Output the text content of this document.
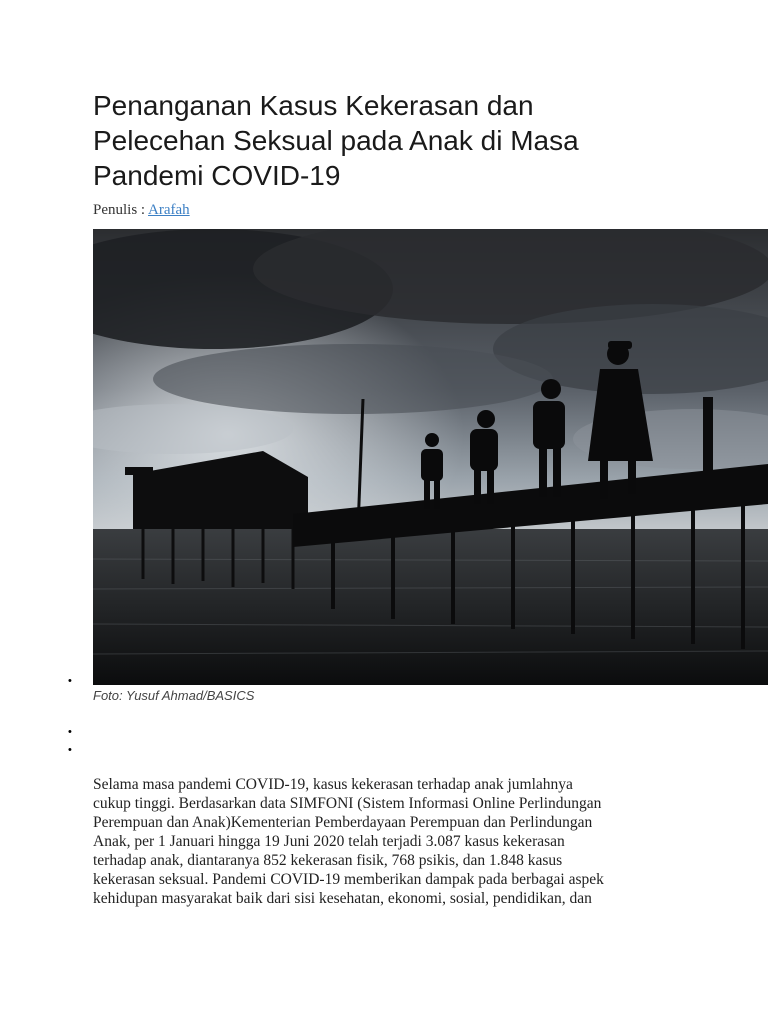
Penanganan Kasus Kekerasan dan
Pelecehan Seksual pada Anak di Masa
Pandemi COVID-19
Penulis : Arafah
•
Foto: Yusuf Ahmad/BASICS
•
•

Selama masa pandemi COVID-19, kasus kekerasan terhadap anak jumlahnya
cukup tinggi. Berdasarkan data SIMFONI (Sistem Informasi Online Perlindungan
Perempuan dan Anak)Kementerian Pemberdayaan Perempuan dan Perlindungan
Anak, per 1 Januari hingga 19 Juni 2020 telah terjadi 3.087 kasus kekerasan
terhadap anak, diantaranya 852 kekerasan fisik, 768 psikis, dan 1.848 kasus
kekerasan seksual. Pandemi COVID-19 memberikan dampak pada berbagai aspek
kehidupan masyarakat baik dari sisi kesehatan, ekonomi, sosial, pendidikan, dan
